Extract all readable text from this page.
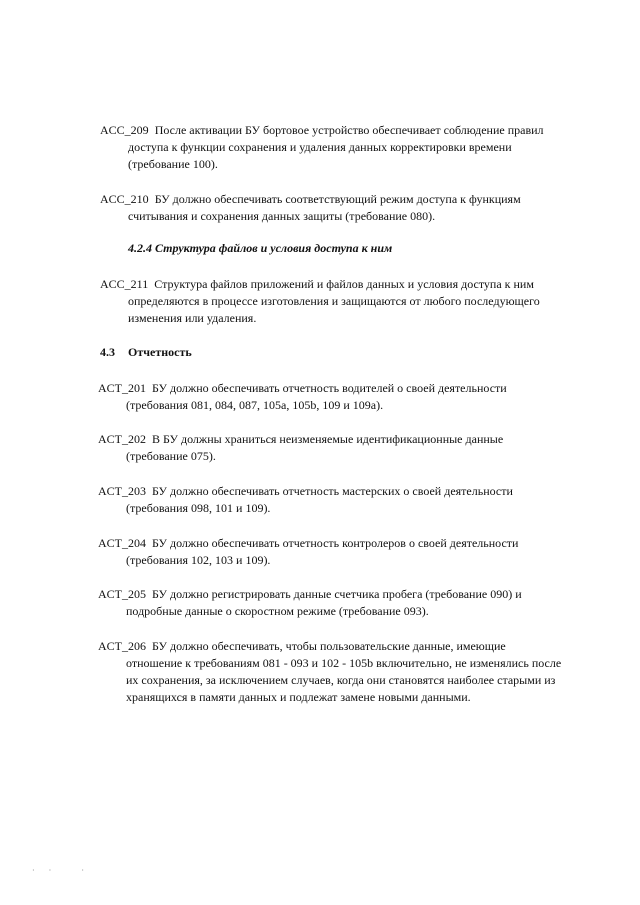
ACC_209 После активации БУ бортовое устройство обеспечивает соблюдение правил
доступа к функции сохранения и удаления данных корректировки времени
(требование 100).
ACC_210 БУ должно обеспечивать соответствующий режим доступа к функциям
считывания и сохранения данных защиты (требование 080).
4.2.4 Структура файлов и условия доступа к ним
ACC_211 Структура файлов приложений и файлов данных и условия доступа к ним
определяются в процессе изготовления и защищаются от любого последующего
изменения или удаления.
4.3 Отчетность
ACT_201 БУ должно обеспечивать отчетность водителей о своей деятельности
(требования 081, 084, 087, 105a, 105b, 109 и 109a).
ACT_202 В БУ должны храниться неизменяемые идентификационные данные
(требование 075).
ACT_203 БУ должно обеспечивать отчетность мастерских о своей деятельности
(требования 098, 101 и 109).
ACT_204 БУ должно обеспечивать отчетность контролеров о своей деятельности
(требования 102, 103 и 109).
ACT_205 БУ должно регистрировать данные счетчика пробега (требование 090) и
подробные данные о скоростном режиме (требование 093).
ACT_206 БУ должно обеспечивать, чтобы пользовательские данные, имеющие
отношение к требованиям 081 - 093 и 102 - 105b включительно, не изменялись после
их сохранения, за исключением случаев, когда они становятся наиболее старыми из
хранящихся в памяти данных и подлежат замене новыми данными.
·· ·
